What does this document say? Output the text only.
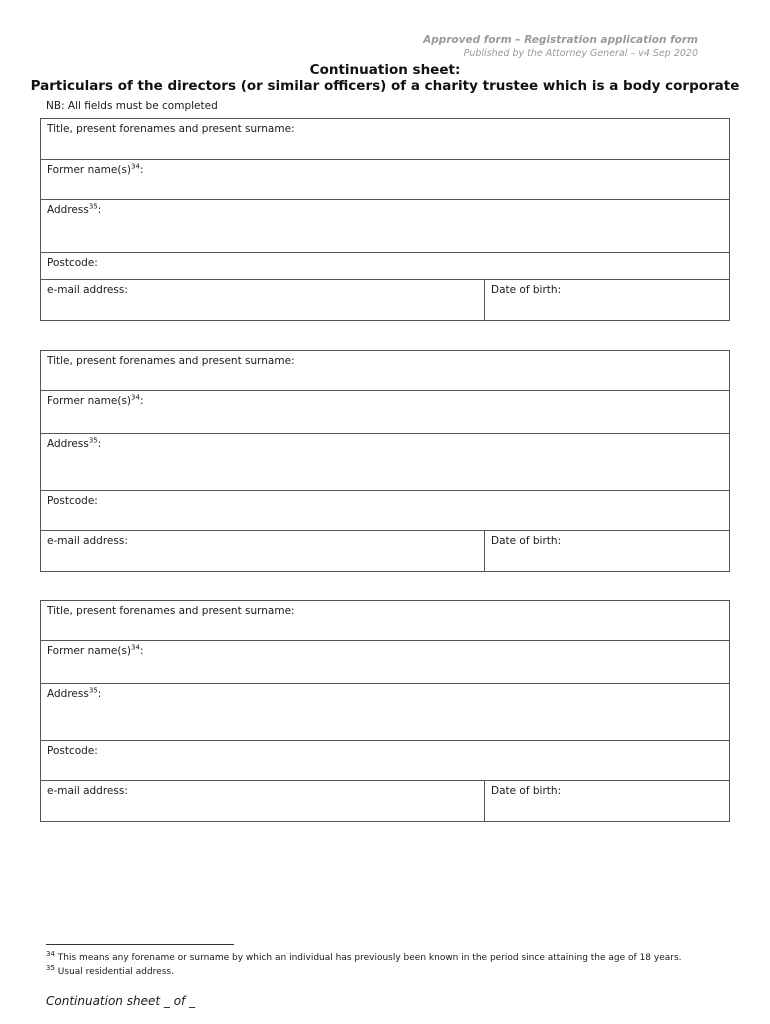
Approved form – Registration application form
Published by the Attorney General – v4 Sep 2020
Continuation sheet:
Particulars of the directors (or similar officers) of a charity trustee which is a body corporate
NB: All fields must be completed
Title, present forenames and present surname:
Former $name(s)^{34}$:
Address$^{35}$:
Postcode:
e-mail address:	Date of birth:
Title, present forenames and present surname:
Former $name(s)^{34}$:
Address$^{35}$:
Postcode:
e-mail address:	Date of birth:
Title, present forenames and present surname:
Former $name(s)^{34}$:
Address$^{35}$:
Postcode:
e-mail address:	Date of birth:
$^{34}$ This means any forename or surname by which an individual has previously been known in the period since attaining the age of 18 years.
$^{35}$ Usual residential address.
Continuation sheet _ of _
